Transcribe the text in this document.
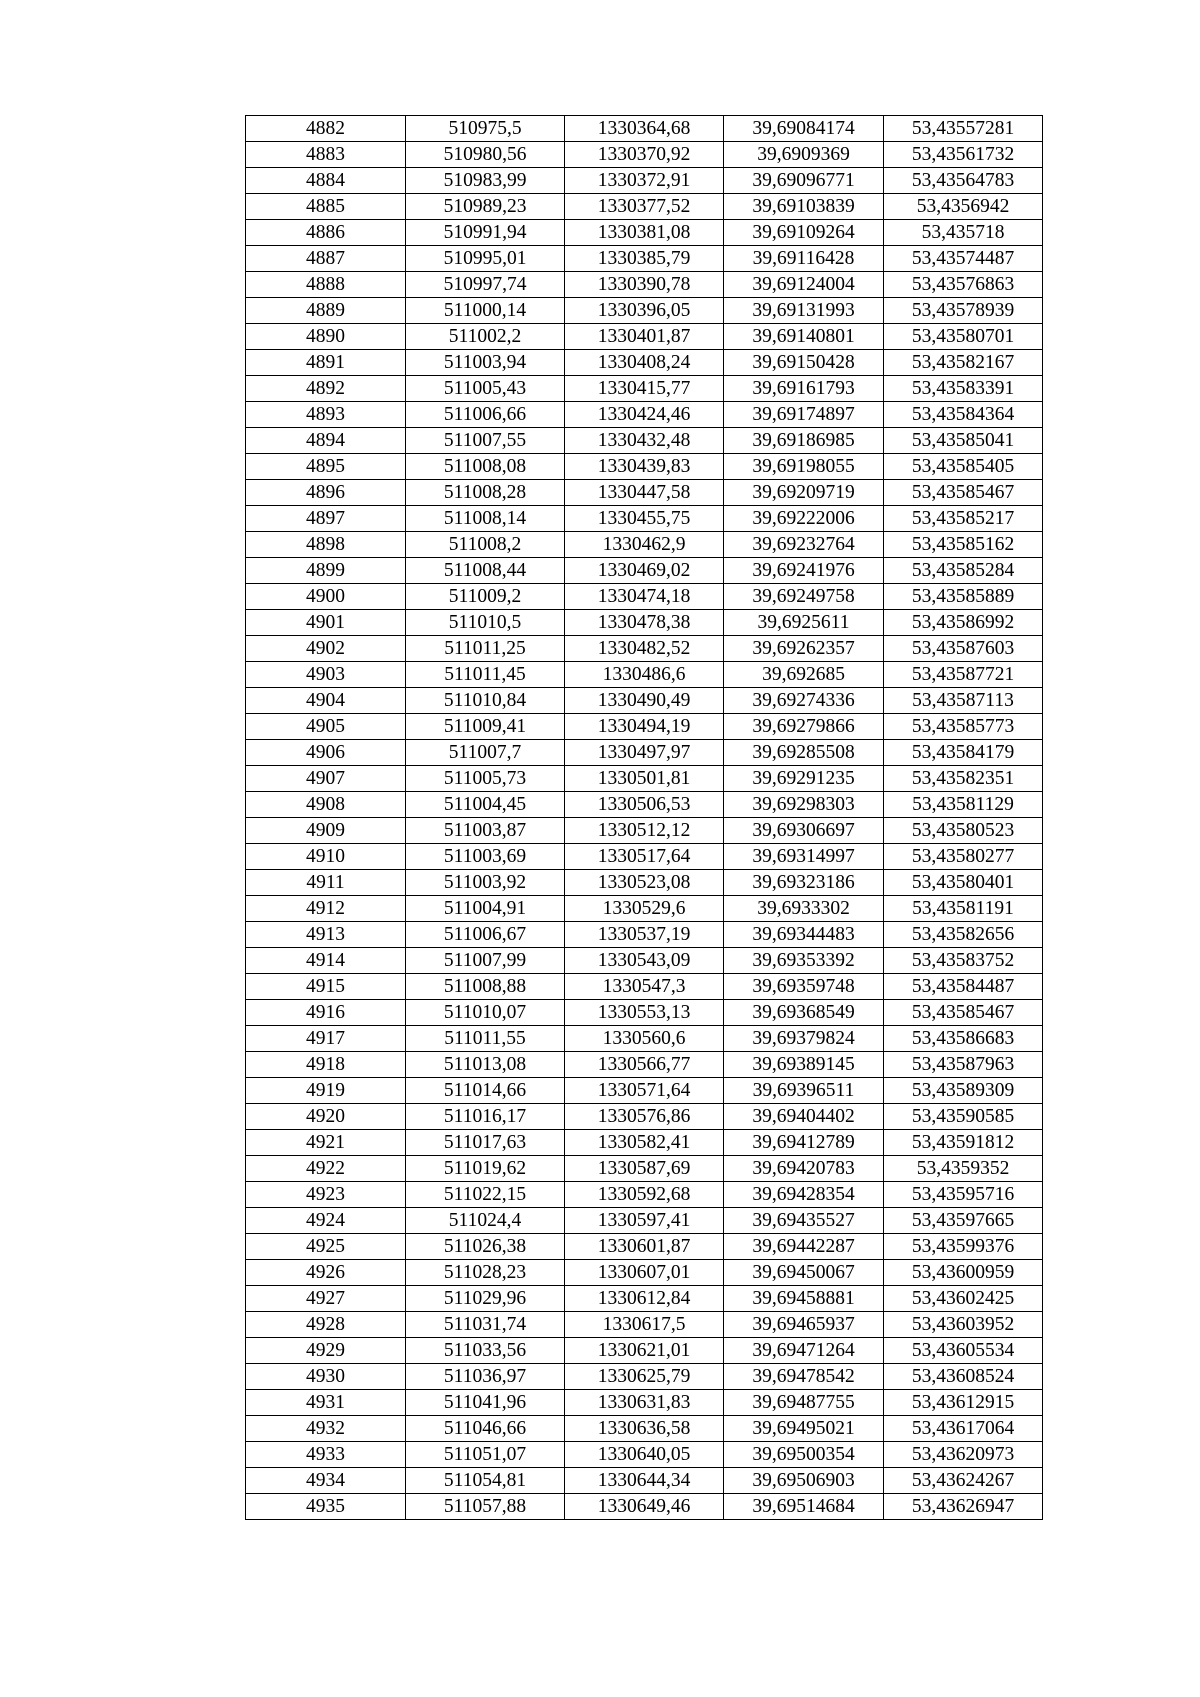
4882	510975,5	1330364,68	39,69084174	53,43557281
4883	510980,56	1330370,92	39,6909369	53,43561732
4884	510983,99	1330372,91	39,69096771	53,43564783
4885	510989,23	1330377,52	39,69103839	53,4356942
4886	510991,94	1330381,08	39,69109264	53,435718
4887	510995,01	1330385,79	39,69116428	53,43574487
4888	510997,74	1330390,78	39,69124004	53,43576863
4889	511000,14	1330396,05	39,69131993	53,43578939
4890	511002,2	1330401,87	39,69140801	53,43580701
4891	511003,94	1330408,24	39,69150428	53,43582167
4892	511005,43	1330415,77	39,69161793	53,43583391
4893	511006,66	1330424,46	39,69174897	53,43584364
4894	511007,55	1330432,48	39,69186985	53,43585041
4895	511008,08	1330439,83	39,69198055	53,43585405
4896	511008,28	1330447,58	39,69209719	53,43585467
4897	511008,14	1330455,75	39,69222006	53,43585217
4898	511008,2	1330462,9	39,69232764	53,43585162
4899	511008,44	1330469,02	39,69241976	53,43585284
4900	511009,2	1330474,18	39,69249758	53,43585889
4901	511010,5	1330478,38	39,6925611	53,43586992
4902	511011,25	1330482,52	39,69262357	53,43587603
4903	511011,45	1330486,6	39,692685	53,43587721
4904	511010,84	1330490,49	39,69274336	53,43587113
4905	511009,41	1330494,19	39,69279866	53,43585773
4906	511007,7	1330497,97	39,69285508	53,43584179
4907	511005,73	1330501,81	39,69291235	53,43582351
4908	511004,45	1330506,53	39,69298303	53,43581129
4909	511003,87	1330512,12	39,69306697	53,43580523
4910	511003,69	1330517,64	39,69314997	53,43580277
4911	511003,92	1330523,08	39,69323186	53,43580401
4912	511004,91	1330529,6	39,6933302	53,43581191
4913	511006,67	1330537,19	39,69344483	53,43582656
4914	511007,99	1330543,09	39,69353392	53,43583752
4915	511008,88	1330547,3	39,69359748	53,43584487
4916	511010,07	1330553,13	39,69368549	53,43585467
4917	511011,55	1330560,6	39,69379824	53,43586683
4918	511013,08	1330566,77	39,69389145	53,43587963
4919	511014,66	1330571,64	39,69396511	53,43589309
4920	511016,17	1330576,86	39,69404402	53,43590585
4921	511017,63	1330582,41	39,69412789	53,43591812
4922	511019,62	1330587,69	39,69420783	53,4359352
4923	511022,15	1330592,68	39,69428354	53,43595716
4924	511024,4	1330597,41	39,69435527	53,43597665
4925	511026,38	1330601,87	39,69442287	53,43599376
4926	511028,23	1330607,01	39,69450067	53,43600959
4927	511029,96	1330612,84	39,69458881	53,43602425
4928	511031,74	1330617,5	39,69465937	53,43603952
4929	511033,56	1330621,01	39,69471264	53,43605534
4930	511036,97	1330625,79	39,69478542	53,43608524
4931	511041,96	1330631,83	39,69487755	53,43612915
4932	511046,66	1330636,58	39,69495021	53,43617064
4933	511051,07	1330640,05	39,69500354	53,43620973
4934	511054,81	1330644,34	39,69506903	53,43624267
4935	511057,88	1330649,46	39,69514684	53,43626947
